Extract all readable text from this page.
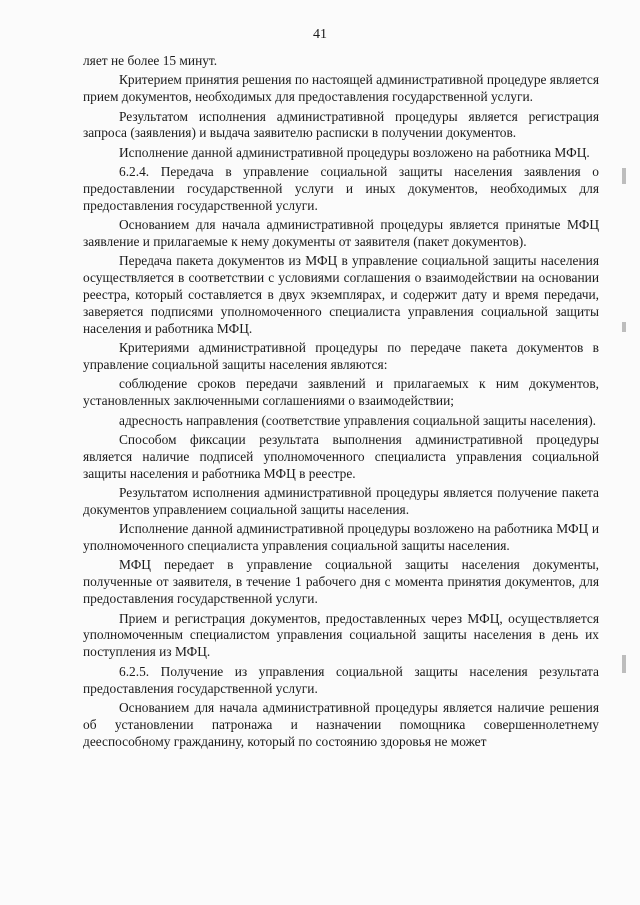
41

ляет не более 15 минут.

Критерием принятия решения по настоящей административной процедуре является прием документов, необходимых для предоставления государственной услуги.

Результатом исполнения административной процедуры является регистрация запроса (заявления) и выдача заявителю расписки в получении документов.

Исполнение данной административной процедуры возложено на работника МФЦ.

6.2.4. Передача в управление социальной защиты населения заявления о предоставлении государственной услуги и иных документов, необходимых для предоставления государственной услуги.

Основанием для начала административной процедуры является принятые МФЦ заявление и прилагаемые к нему документы от заявителя (пакет документов).

Передача пакета документов из МФЦ в управление социальной защиты населения осуществляется в соответствии с условиями соглашения о взаимодействии на основании реестра, который составляется в двух экземплярах, и содержит дату и время передачи, заверяется подписями уполномоченного специалиста управления социальной защиты населения и работника МФЦ.

Критериями административной процедуры по передаче пакета документов в управление социальной защиты населения являются:

соблюдение сроков передачи заявлений и прилагаемых к ним документов, установленных заключенными соглашениями о взаимодействии;

адресность направления (соответствие управления социальной защиты населения).

Способом фиксации результата выполнения административной процедуры является наличие подписей уполномоченного специалиста управления социальной защиты населения и работника МФЦ в реестре.

Результатом исполнения административной процедуры является получение пакета документов управлением социальной защиты населения.

Исполнение данной административной процедуры возложено на работника МФЦ и уполномоченного специалиста управления социальной защиты населения.

МФЦ передает в управление социальной защиты населения документы, полученные от заявителя, в течение 1 рабочего дня с момента принятия документов, для предоставления государственной услуги.

Прием и регистрация документов, предоставленных через МФЦ, осуществляется уполномоченным специалистом управления социальной защиты населения в день их поступления из МФЦ.

6.2.5. Получение из управления социальной защиты населения результата предоставления государственной услуги.

Основанием для начала административной процедуры является наличие решения об установлении патронажа и назначении помощника совершеннолетнему дееспособному гражданину, который по состоянию здоровья не может
